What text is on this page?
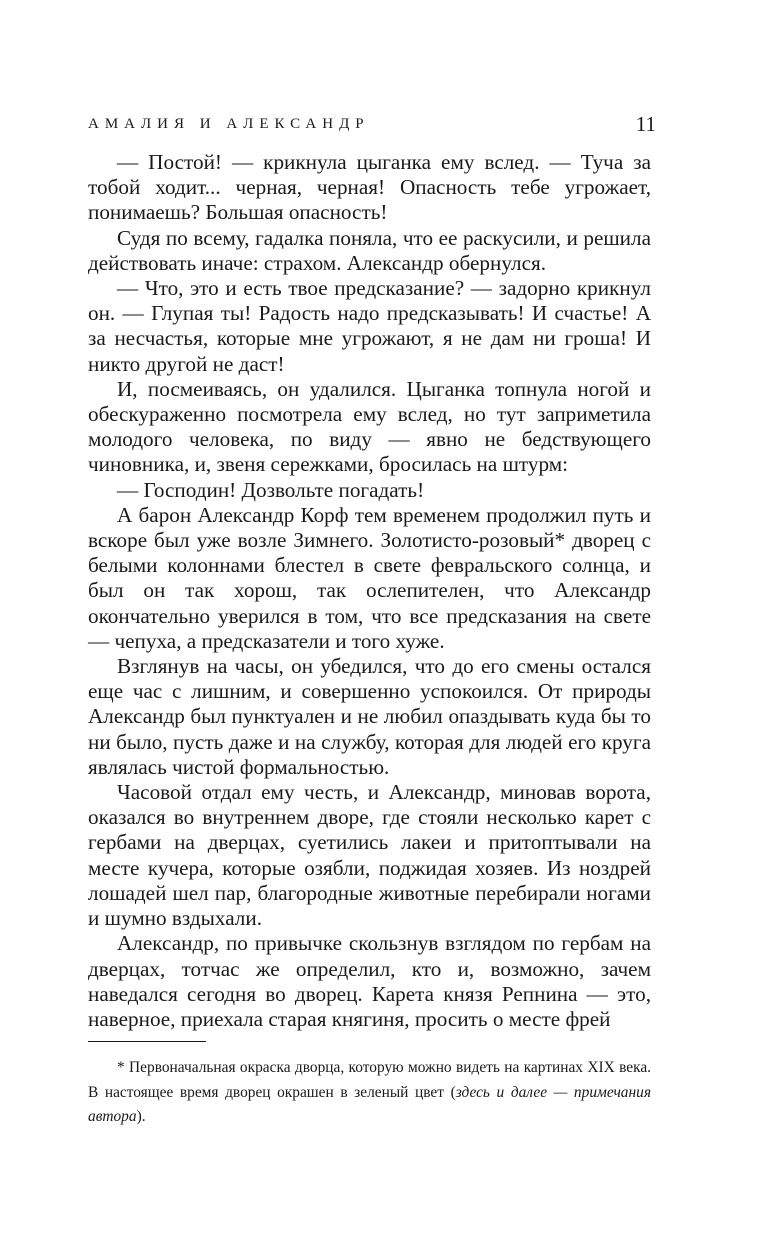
АМАЛИЯ И АЛЕКСАНДР	11

— Постой! — крикнула цыганка ему вслед. — Туча за тобой ходит... черная, черная! Опасность тебе угрожает, понимаешь? Большая опасность!

Судя по всему, гадалка поняла, что ее раскусили, и решила действовать иначе: страхом. Александр обернулся.

— Что, это и есть твое предсказание? — задорно крикнул он. — Глупая ты! Радость надо предсказывать! И счастье! А за несчастья, которые мне угрожают, я не дам ни гроша! И никто другой не даст!

И, посмеиваясь, он удалился. Цыганка топнула ногой и обескураженно посмотрела ему вслед, но тут заприметила молодого человека, по виду — явно не бедствующего чиновника, и, звеня сережками, бросилась на штурм:

— Господин! Дозвольте погадать!

А барон Александр Корф тем временем продолжил путь и вскоре был уже возле Зимнего. Золотисто-розовый* дворец с белыми колоннами блестел в свете февральского солнца, и был он так хорош, так ослепителен, что Александр окончательно уверился в том, что все предсказания на свете — чепуха, а предсказатели и того хуже.

Взглянув на часы, он убедился, что до его смены остался еще час с лишним, и совершенно успокоился. От природы Александр был пунктуален и не любил опаздывать куда бы то ни было, пусть даже и на службу, которая для людей его круга являлась чистой формальностью.

Часовой отдал ему честь, и Александр, миновав ворота, оказался во внутреннем дворе, где стояли несколько карет с гербами на дверцах, суетились лакеи и притоптывали на месте кучера, которые озябли, поджидая хозяев. Из ноздрей лошадей шел пар, благородные животные перебирали ногами и шумно вздыхали.

Александр, по привычке скользнув взглядом по гербам на дверцах, тотчас же определил, кто и, возможно, зачем наведался сегодня во дворец. Карета князя Репнина — это, наверное, приехала старая княгиня, просить о месте фрей

* Первоначальная окраска дворца, которую можно видеть на картинах XIX века. В настоящее время дворец окрашен в зеленый цвет (здесь и далее — примечания автора).
